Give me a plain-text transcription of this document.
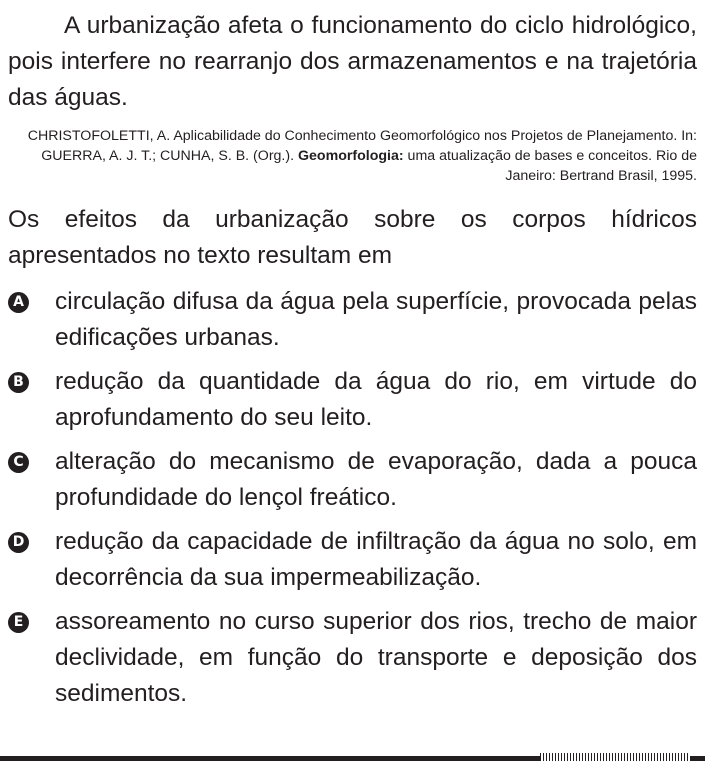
A urbanização afeta o funcionamento do ciclo hidrológico, pois interfere no rearranjo dos armazenamentos e na trajetória das águas.

CHRISTOFOLETTI, A. Aplicabilidade do Conhecimento Geomorfológico nos Projetos de Planejamento. In: GUERRA, A. J. T.; CUNHA, S. B. (Org.). Geomorfologia: uma atualização de bases e conceitos. Rio de Janeiro: Bertrand Brasil, 1995.

Os efeitos da urbanização sobre os corpos hídricos apresentados no texto resultam em

A circulação difusa da água pela superfície, provocada pelas edificações urbanas.
B redução da quantidade da água do rio, em virtude do aprofundamento do seu leito.
C alteração do mecanismo de evaporação, dada a pouca profundidade do lençol freático.
D redução da capacidade de infiltração da água no solo, em decorrência da sua impermeabilização.
E assoreamento no curso superior dos rios, trecho de maior declividade, em função do transporte e deposição dos sedimentos.
